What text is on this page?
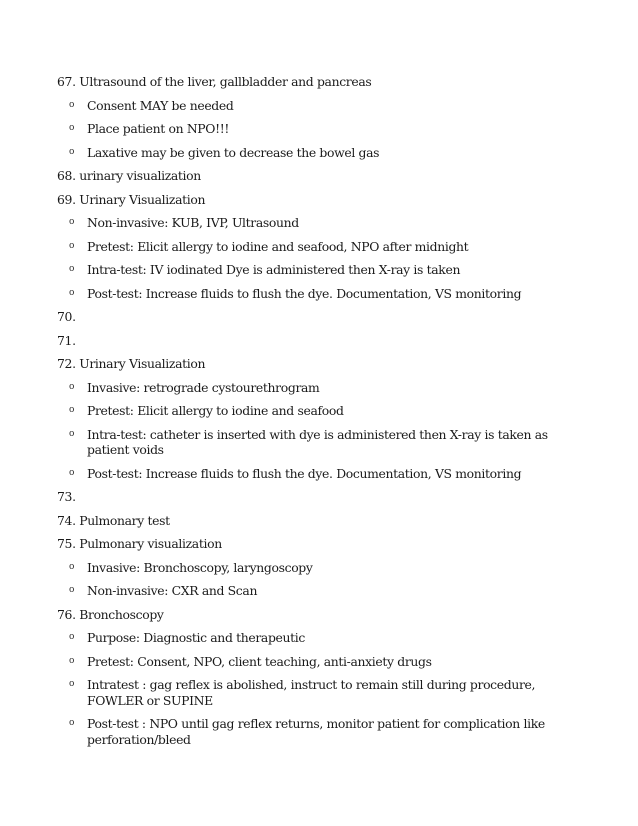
67. Ultrasound of the liver, gallbladder and pancreas
o Consent MAY be needed
o Place patient on NPO!!!
o Laxative may be given to decrease the bowel gas
68. urinary visualization
69. Urinary Visualization
o Non-invasive: KUB, IVP, Ultrasound
o Pretest: Elicit allergy to iodine and seafood, NPO after midnight
o Intra-test: IV iodinated Dye is administered then X-ray is taken
o Post-test: Increase fluids to flush the dye. Documentation, VS monitoring
70.
71.
72. Urinary Visualization
o Invasive: retrograde cystourethrogram
o Pretest: Elicit allergy to iodine and seafood
o Intra-test: catheter is inserted with dye is administered then X-ray is taken as patient voids
o Post-test: Increase fluids to flush the dye. Documentation, VS monitoring
73.
74. Pulmonary test
75. Pulmonary visualization
o Invasive: Bronchoscopy, laryngoscopy
o Non-invasive: CXR and Scan
76. Bronchoscopy
o Purpose: Diagnostic and therapeutic
o Pretest: Consent, NPO, client teaching, anti-anxiety drugs
o Intratest : gag reflex is abolished, instruct to remain still during procedure, FOWLER or SUPINE
o Post-test : NPO until gag reflex returns, monitor patient for complication like perforation/bleed
